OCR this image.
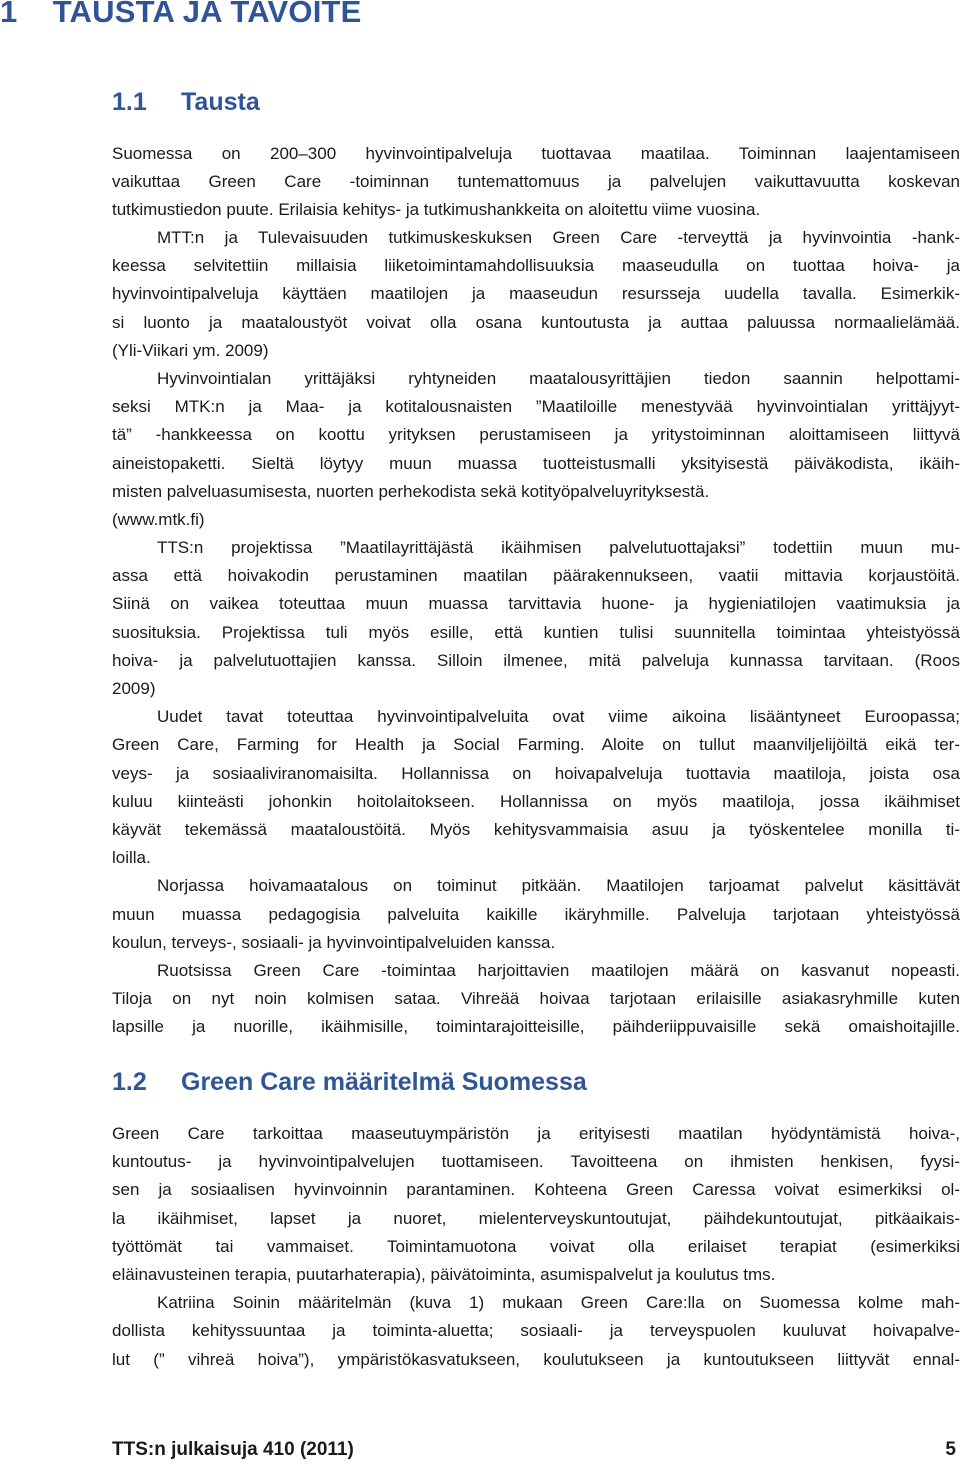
1 TAUSTA JA TAVOITE
1.1 Tausta
Suomessa on 200–300 hyvinvointipalveluja tuottavaa maatilaa. Toiminnan laajentamiseen
vaikuttaa Green Care -toiminnan tuntemattomuus ja palvelujen vaikuttavuutta koskevan
tutkimustiedon puute. Erilaisia kehitys- ja tutkimushankkeita on aloitettu viime vuosina.
MTT:n ja Tulevaisuuden tutkimuskeskuksen Green Care -terveyttä ja hyvinvointia -hank-
keessa selvitettiin millaisia liiketoimintamahdollisuuksia maaseudulla on tuottaa hoiva- ja
hyvinvointipalveluja käyttäen maatilojen ja maaseudun resursseja uudella tavalla. Esimerkik-
si luonto ja maataloustyöt voivat olla osana kuntoutusta ja auttaa paluussa normaalielämää.
(Yli-Viikari ym. 2009)
Hyvinvointialan yrittäjäksi ryhtyneiden maatalousyrittäjien tiedon saannin helpottami-
seksi MTK:n ja Maa- ja kotitalousnaisten ”Maatiloille menestyvää hyvinvointialan yrittäjyyt-
tä” -hankkeessa on koottu yrityksen perustamiseen ja yritystoiminnan aloittamiseen liittyvä
aineistopaketti. Sieltä löytyy muun muassa tuotteistusmalli yksityisestä päiväkodista, ikäih-
misten palveluasumisesta, nuorten perhekodista sekä kotityöpalveluyrityksestä.
(www.mtk.fi)
TTS:n projektissa ”Maatilayrittäjästä ikäihmisen palvelutuottajaksi” todettiin muun mu-
assa että hoivakodin perustaminen maatilan päärakennukseen, vaatii mittavia korjaustöitä.
Siinä on vaikea toteuttaa muun muassa tarvittavia huone- ja hygieniatilojen vaatimuksia ja
suosituksia. Projektissa tuli myös esille, että kuntien tulisi suunnitella toimintaa yhteistyössä
hoiva- ja palvelutuottajien kanssa. Silloin ilmenee, mitä palveluja kunnassa tarvitaan. (Roos
2009)
Uudet tavat toteuttaa hyvinvointipalveluita ovat viime aikoina lisääntyneet Euroopassa;
Green Care, Farming for Health ja Social Farming. Aloite on tullut maanviljelijöiltä eikä ter-
veys- ja sosiaaliviranomaisilta. Hollannissa on hoivapalveluja tuottavia maatiloja, joista osa
kuluu kiinteästi johonkin hoitolaitokseen. Hollannissa on myös maatiloja, jossa ikäihmiset
käyvät tekemässä maataloustöitä. Myös kehitysvammaisia asuu ja työskentelee monilla ti-
loilla.
Norjassa hoivamaatalous on toiminut pitkään. Maatilojen tarjoamat palvelut käsittävät
muun muassa pedagogisia palveluita kaikille ikäryhmille. Palveluja tarjotaan yhteistyössä
koulun, terveys-, sosiaali- ja hyvinvointipalveluiden kanssa.
Ruotsissa Green Care -toimintaa harjoittavien maatilojen määrä on kasvanut nopeasti.
Tiloja on nyt noin kolmisen sataa. Vihreää hoivaa tarjotaan erilaisille asiakasryhmille kuten
lapsille ja nuorille, ikäihmisille, toimintarajoitteisille, päihderiippuvaisille sekä omaishoitajille.
1.2 Green Care määritelmä Suomessa
Green Care tarkoittaa maaseutuympäristön ja erityisesti maatilan hyödyntämistä hoiva-,
kuntoutus- ja hyvinvointipalvelujen tuottamiseen. Tavoitteena on ihmisten henkisen, fyysi-
sen ja sosiaalisen hyvinvoinnin parantaminen. Kohteena Green Caressa voivat esimerkiksi ol-
la ikäihmiset, lapset ja nuoret, mielenterveyskuntoutujat, päihdekuntoutujat, pitkäaikais-
työttömät tai vammaiset. Toimintamuotona voivat olla erilaiset terapiat (esimerkiksi
eläinavusteinen terapia, puutarhaterapia), päivätoiminta, asumispalvelut ja koulutus tms.
Katriina Soinin määritelmän (kuva 1) mukaan Green Care:lla on Suomessa kolme mah-
dollista kehityssuuntaa ja toiminta-aluetta; sosiaali- ja terveyspuolen kuuluvat hoivapalve-
lut (” vihreä hoiva”), ympäristökasvatukseen, koulutukseen ja kuntoutukseen liittyvät ennal-
TTS:n julkaisuja 410 (2011)	5
